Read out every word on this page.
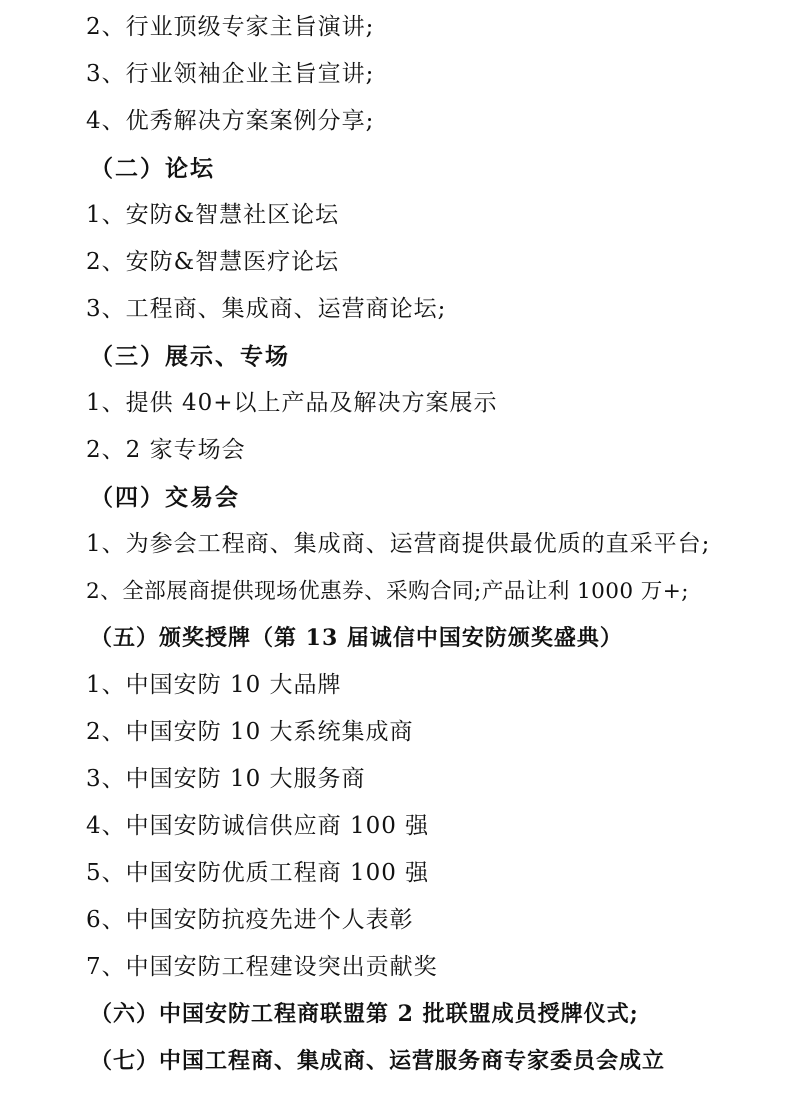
2、行业顶级专家主旨演讲;
3、行业领袖企业主旨宣讲;
4、优秀解决方案案例分享;
（二）论坛
1、安防&智慧社区论坛
2、安防&智慧医疗论坛
3、工程商、集成商、运营商论坛;
（三）展示、专场
1、提供 40+以上产品及解决方案展示
2、2 家专场会
（四）交易会
1、为参会工程商、集成商、运营商提供最优质的直采平台;
2、全部展商提供现场优惠券、采购合同;产品让利 1000 万+;
（五）颁奖授牌（第 13 届诚信中国安防颁奖盛典）
1、中国安防 10 大品牌
2、中国安防 10 大系统集成商
3、中国安防 10 大服务商
4、中国安防诚信供应商 100 强
5、中国安防优质工程商 100 强
6、中国安防抗疫先进个人表彰
7、中国安防工程建设突出贡献奖
（六）中国安防工程商联盟第 2 批联盟成员授牌仪式;
（七）中国工程商、集成商、运营服务商专家委员会成立
